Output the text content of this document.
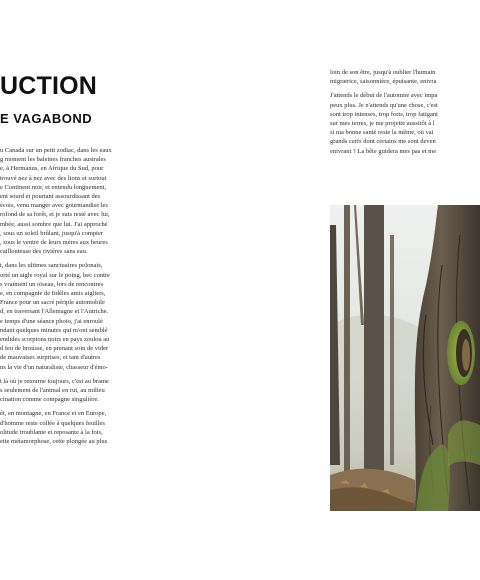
UCTION
E VAGABOND

u Canada sur un petit zodiac, dans les eaux
g moment les baleines franches australes
e, à Hermanus, en Afrique du Sud, pour
trouvé nez à nez avec des lions et surtout
e Continent noir, et entendu longuement,
ent sourd et pourtant assourdissant des
écois, venu manger avec gourmandise les
rofond de sa forêt, et je suis resté avec lui,
mbée, aussi sombre que lui. J'ai approché
, sous un soleil brûlant, jusqu'à compter
, sous le ventre de leurs mères aux heures
caillouteuse des rivières sans eau.

t, dans les ultimes sanctuaires polonais,
orté un aigle royal sur le poing, bec contre
s vraiment un oiseau, lors de rencontres
e, en compagnie de fidèles amis aigliers,
France pour un sacré périple automobile
d, en traversant l'Allemagne et l'Autriche.
e temps d'une séance photo, j'ai enroulé
ndant quelques minutes qui m'ont semblé
endides scorpions noirs en pays zoulou au
d feu de brousse, en prenant soin de vider
de mauvaises surprises, et tant d'autres
ns la vie d'un naturaliste, chasseur d'émo-

t là où je retourne toujours, c'est au brame
s seulement de l'animal en rut, au milieu
cination comme compagne singulière.

êt, en montagne, en France et en Europe,
d'homme reste collée à quelques feuilles
olitude troublante et reposante à la fois,
ette métamorphose, cette plongée au plus

loin de son être, jusqu'à oublier l'humain
migratrice, saisonnière, épuisante, enivra

J'attends le début de l'automne avec impa
peux plus. Je n'attends qu'une chose, c'est
sont trop intenses, trop forts, trop fatigant
sur mes terres, je me projette aussitôt à l
si ma bonne santé reste la même, où vai
grands cerfs dont certains me sont deven
enivrant ? La bête guidera mes pas et me
